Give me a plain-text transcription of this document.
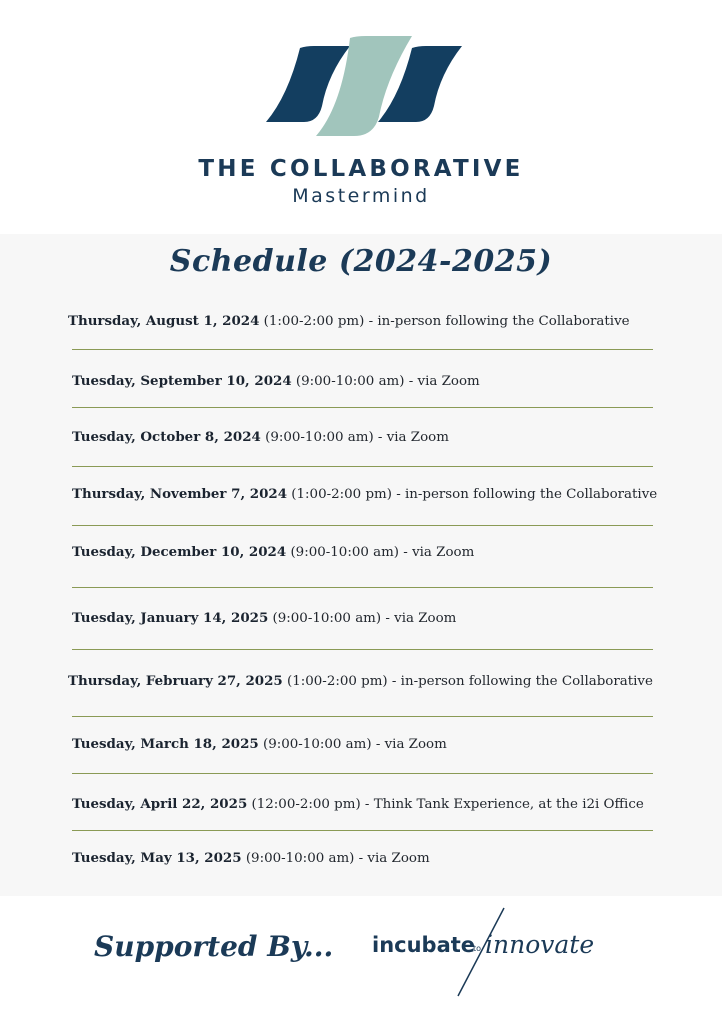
THE COLLABORATIVE
Mastermind
Schedule (2024-2025)
Thursday, August 1, 2024 (1:00-2:00 pm) - in-person following the Collaborative
Tuesday, September 10, 2024 (9:00-10:00 am) - via Zoom
Tuesday, October 8, 2024 (9:00-10:00 am) - via Zoom
Thursday, November 7, 2024 (1:00-2:00 pm) - in-person following the Collaborative
Tuesday, December 10, 2024 (9:00-10:00 am) - via Zoom
Tuesday, January 14, 2025 (9:00-10:00 am) - via Zoom
Thursday, February 27, 2025 (1:00-2:00 pm) - in-person following the Collaborative
Tuesday, March 18, 2025 (9:00-10:00 am) - via Zoom
Tuesday, April 22, 2025 (12:00-2:00 pm) - Think Tank Experience, at the i2i Office
Tuesday, May 13, 2025 (9:00-10:00 am) - via Zoom
Supported By... incubate
to innovate
